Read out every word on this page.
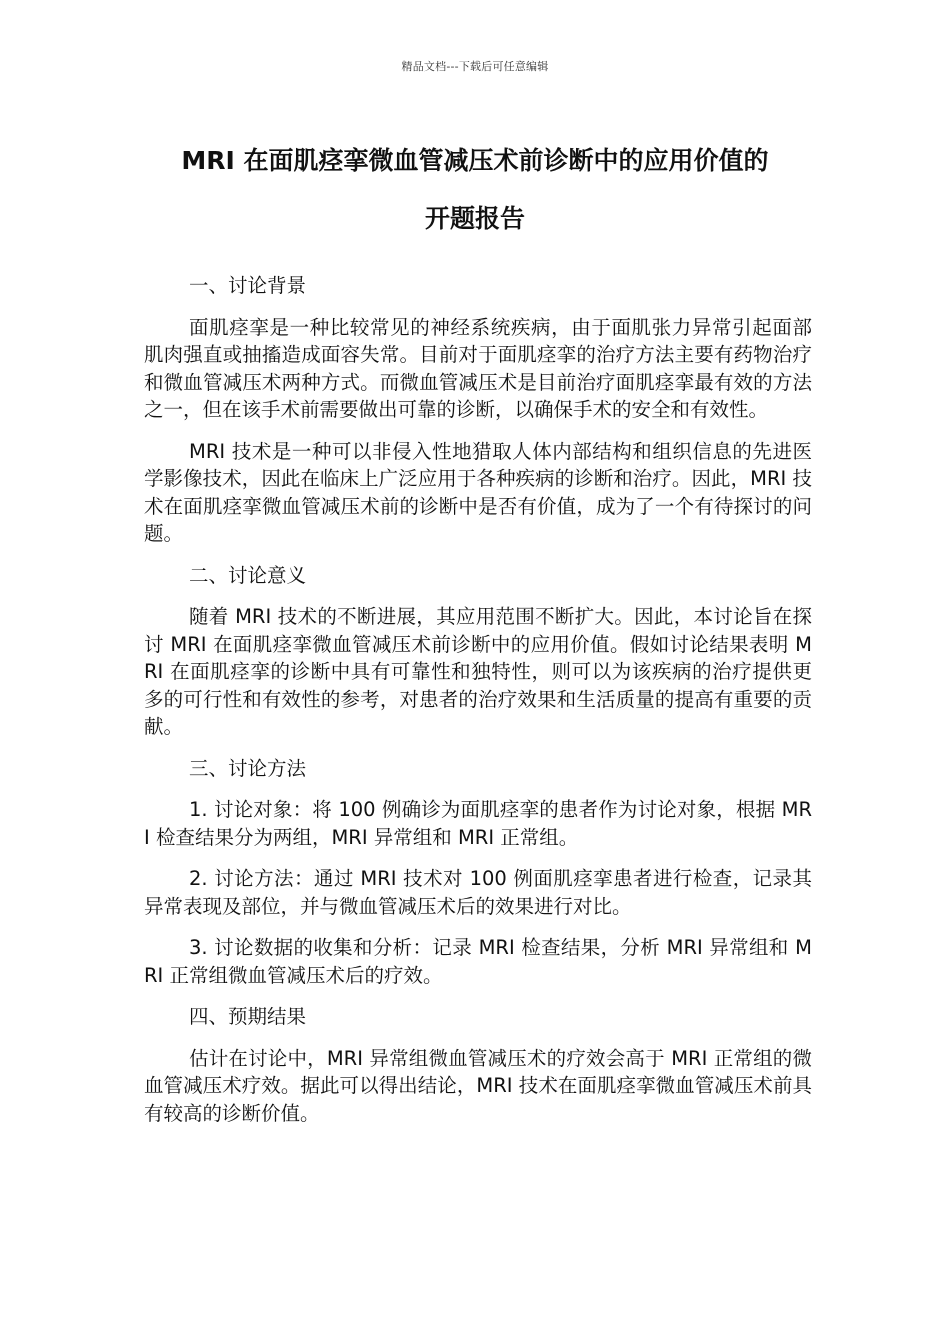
精品文档---下载后可任意编辑
MRI 在面肌痉挛微血管减压术前诊断中的应用价值的
开题报告

一、讨论背景

面肌痉挛是一种比较常见的神经系统疾病，由于面肌张力异常引起面部肌肉强直或抽搐造成面容失常。目前对于面肌痉挛的治疗方法主要有药物治疗和微血管减压术两种方式。而微血管减压术是目前治疗面肌痉挛最有效的方法之一，但在该手术前需要做出可靠的诊断，以确保手术的安全和有效性。

MRI 技术是一种可以非侵入性地猎取人体内部结构和组织信息的先进医学影像技术，因此在临床上广泛应用于各种疾病的诊断和治疗。因此，MRI 技术在面肌痉挛微血管减压术前的诊断中是否有价值，成为了一个有待探讨的问题。

二、讨论意义

随着 MRI 技术的不断进展，其应用范围不断扩大。因此，本讨论旨在探讨 MRI 在面肌痉挛微血管减压术前诊断中的应用价值。假如讨论结果表明 MRI 在面肌痉挛的诊断中具有可靠性和独特性，则可以为该疾病的治疗提供更多的可行性和有效性的参考，对患者的治疗效果和生活质量的提高有重要的贡献。

三、讨论方法

1. 讨论对象：将 100 例确诊为面肌痉挛的患者作为讨论对象，根据 MRI 检查结果分为两组，MRI 异常组和 MRI 正常组。

2. 讨论方法：通过 MRI 技术对 100 例面肌痉挛患者进行检查，记录其异常表现及部位，并与微血管减压术后的效果进行对比。

3. 讨论数据的收集和分析：记录 MRI 检查结果，分析 MRI 异常组和 MRI 正常组微血管减压术后的疗效。

四、预期结果

估计在讨论中，MRI 异常组微血管减压术的疗效会高于 MRI 正常组的微血管减压术疗效。据此可以得出结论，MRI 技术在面肌痉挛微血管减压术前具有较高的诊断价值。
